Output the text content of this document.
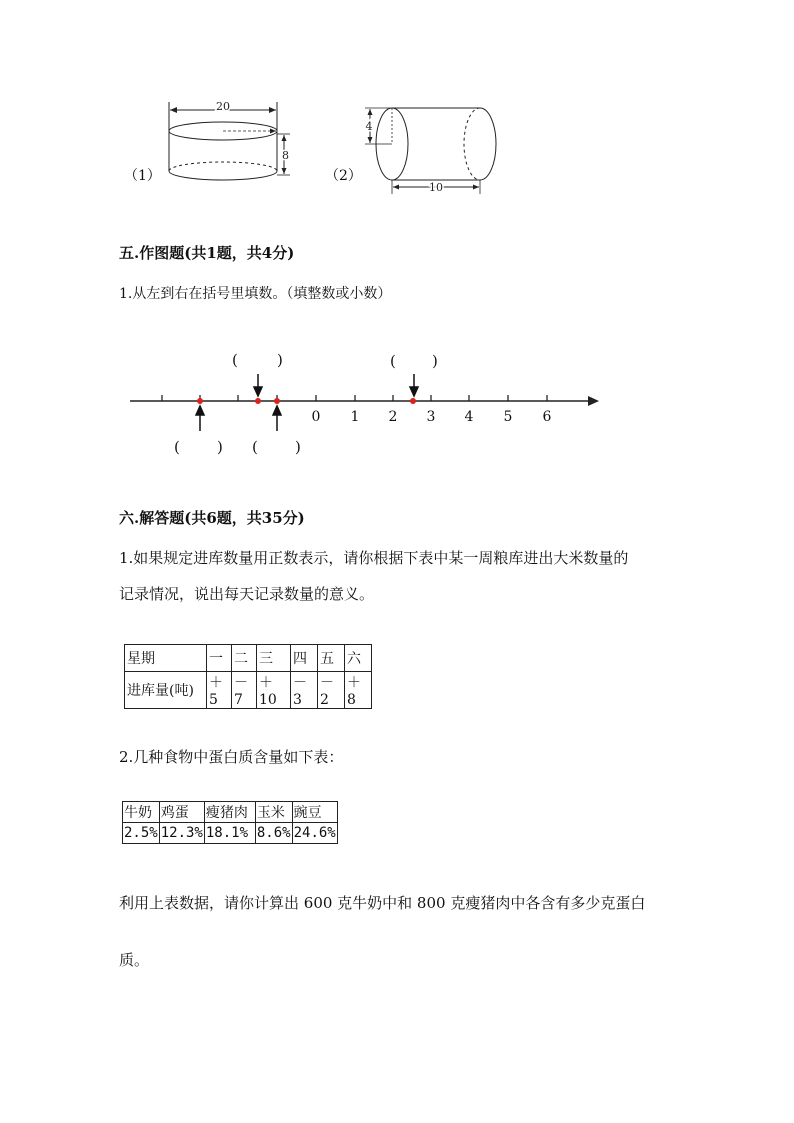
（1）
20
8
（2）
4
10
五.作图题(共1题，共4分)
1.从左到右在括号里填数。（填整数或小数）
0 1 2 3 4 5 6
(	)	( )
( ) ( )
六.解答题(共6题，共35分)
1.如果规定进库数量用正数表示，请你根据下表中某一周粮库进出大米数量的
记录情况，说出每天记录数量的意义。
星期	一	二	三	四	五	六
进库量(吨)	＋5	－7	＋10	－3	－2	＋8
2.几种食物中蛋白质含量如下表：
牛奶	鸡蛋	瘦猪肉	玉米	豌豆
2.5%	12.3%	18.1%	8.6%	24.6%
利用上表数据，请你计算出 600 克牛奶中和 800 克瘦猪肉中各含有多少克蛋白
质。
